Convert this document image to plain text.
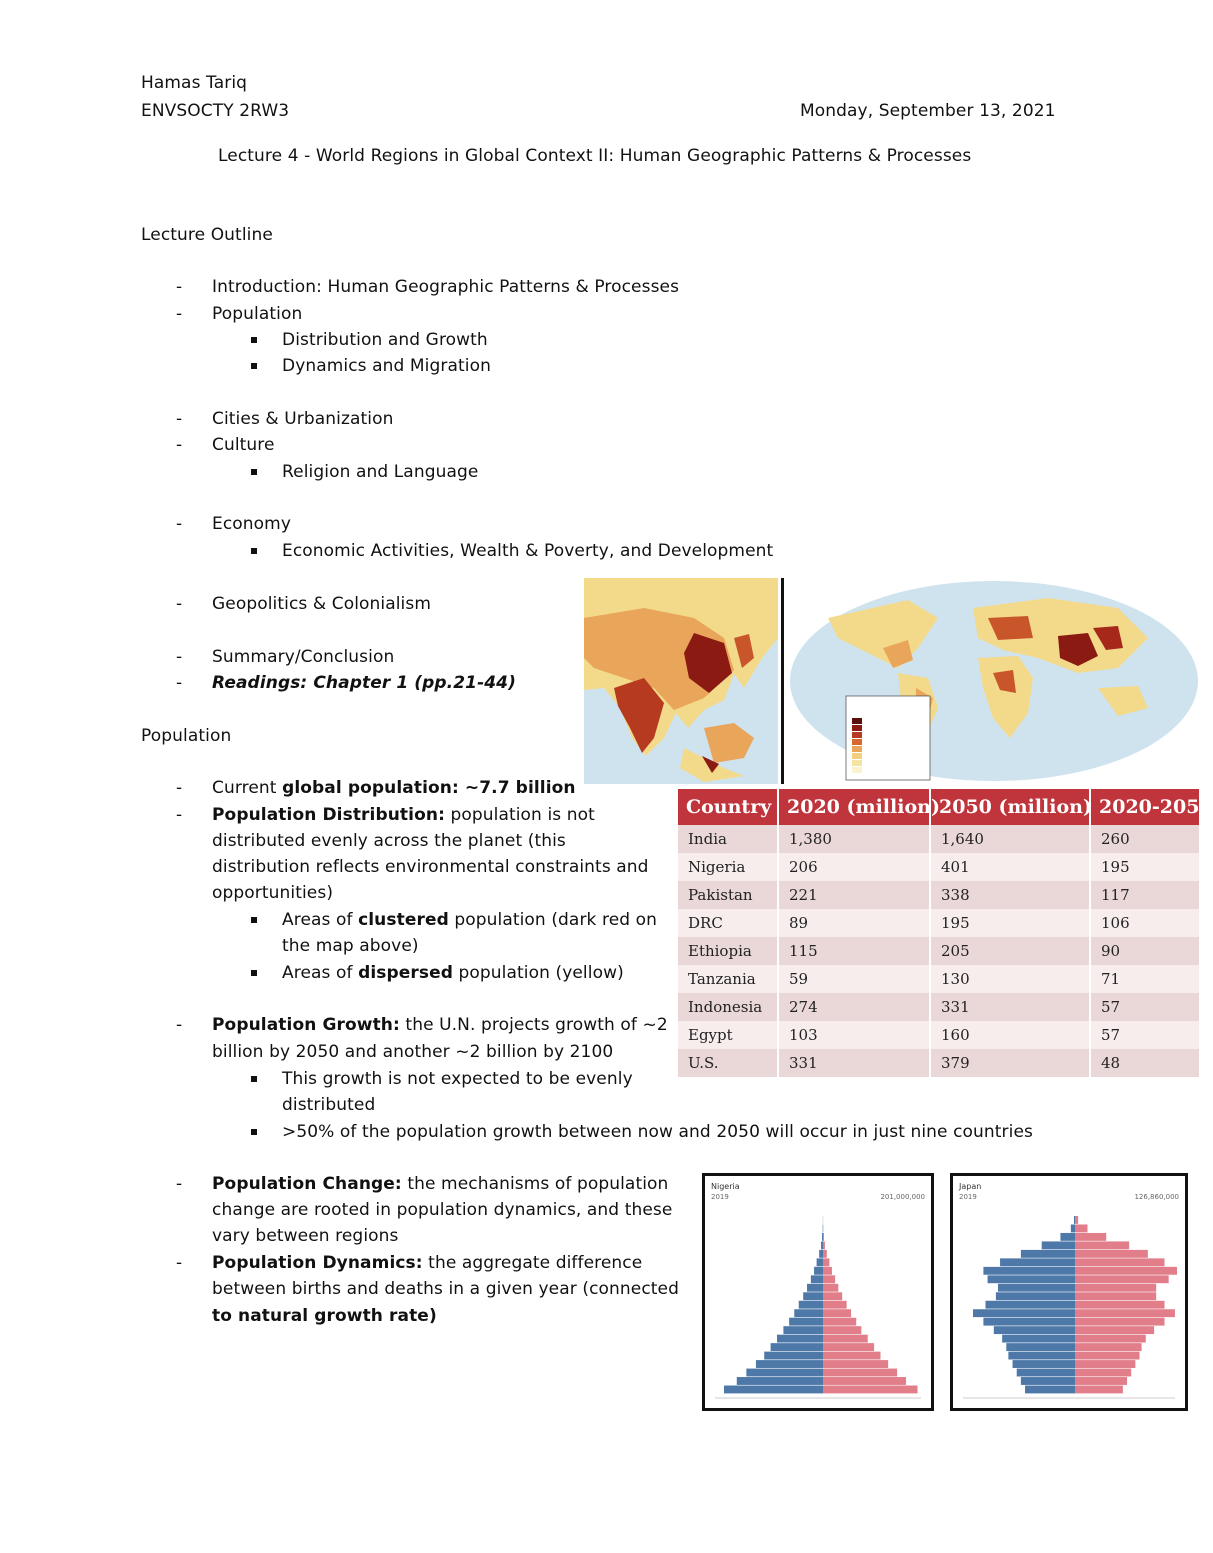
Hamas Tariq
ENVSOCTY 2RW3	Monday, September 13, 2021
Lecture 4 - World Regions in Global Context II: Human Geographic Patterns & Processes
Lecture Outline
- Introduction: Human Geographic Patterns & Processes
- Population
Distribution and Growth
Dynamics and Migration
- Cities & Urbanization
- Culture
Religion and Language
- Economy
Economic Activities, Wealth & Poverty, and Development
- Geopolitics & Colonialism
- Summary/Conclusion
- Readings: Chapter 1 (pp.21-44)
Population
- Current global population: ~7.7 billion
- Population Distribution: population is not
distributed evenly across the planet (this
distribution reflects environmental constraints and
opportunities)
Areas of clustered population (dark red on
the map above)
Areas of dispersed population (yellow)
- Population Growth: the U.N. projects growth of ~2
billion by 2050 and another ~2 billion by 2100
This growth is not expected to be evenly
distributed
>50% of the population growth between now and 2050 will occur in just nine countries
- Population Change: the mechanisms of population
change are rooted in population dynamics, and these
vary between regions
- Population Dynamics: the aggregate difference
between births and deaths in a given year (connected
to natural growth rate)
Country	2020 (million)	2050 (million)	2020-2050
India	1,380	1,640	260
Nigeria	206	401	195
Pakistan	221	338	117
DRC	89	195	106
Ethiopia	115	205	90
Tanzania	59	130	71
Indonesia	274	331	57
Egypt	103	160	57
U.S.	331	379	48
Nigeria
2019	201,000,000
Japan
2019	126,860,000
